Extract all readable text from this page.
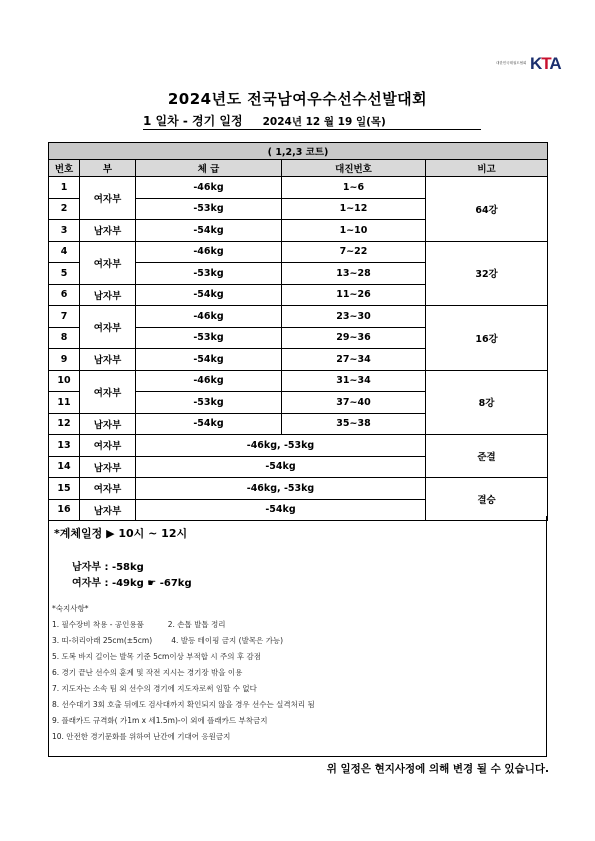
대한민국태권도협회 KTA
2024년도 전국남여우수선수선발대회
1 일차 - 경기 일정 2024년 12 월 19 일(목)
( 1,2,3 코트)				
번호	부	체 급	대진번호	비고
1	여자부	-46kg	1~6	64강
2		-53kg	1~12	
3	남자부	-54kg	1~10	
4	여자부	-46kg	7~22	32강
5		-53kg	13~28	
6	남자부	-54kg	11~26	
7	여자부	-46kg	23~30	16강
8		-53kg	29~36	
9	남자부	-54kg	27~34	
10	여자부	-46kg	31~34	8강
11		-53kg	37~40	
12	남자부	-54kg	35~38	
13	여자부	-46kg, -53kg		준결
14	남자부	-54kg		
15	여자부	-46kg, -53kg		결승
16	남자부	-54kg		
*계체일정 ▶ 10시 ~ 12시
남자부 : -58kg
여자부 : -49kg ☛ -67kg
*숙지사항*
1. 필수장비 착용 - 공인용품          2. 손톱 발톱 정리
3. 띠-허리아래 25cm(±5cm)        4. 발등 테이핑 금지 (발목은 가능)
5. 도복 바지 길이는 발목 기준 5cm이상 부적합 시 주의 후 감점
6. 경기 끝난 선수의 훈계 및 작전 지시는 경기장 밖을 이용
7. 지도자는 소속 팀 외 선수의 경기에 지도자로써 임할 수 없다
8. 선수대기 3회 호출 뒤에도 검사대까지 확인되지 않을 경우 선수는 실격처리 됨
9. 플래카드 규격화( 가1m x 세1.5m)-이 외에 플래카드 부착금지
10. 안전한 경기문화를 위하여 난간에 기대어 응원금지
위 일정은 현지사정에 의해 변경 될 수 있습니다.
